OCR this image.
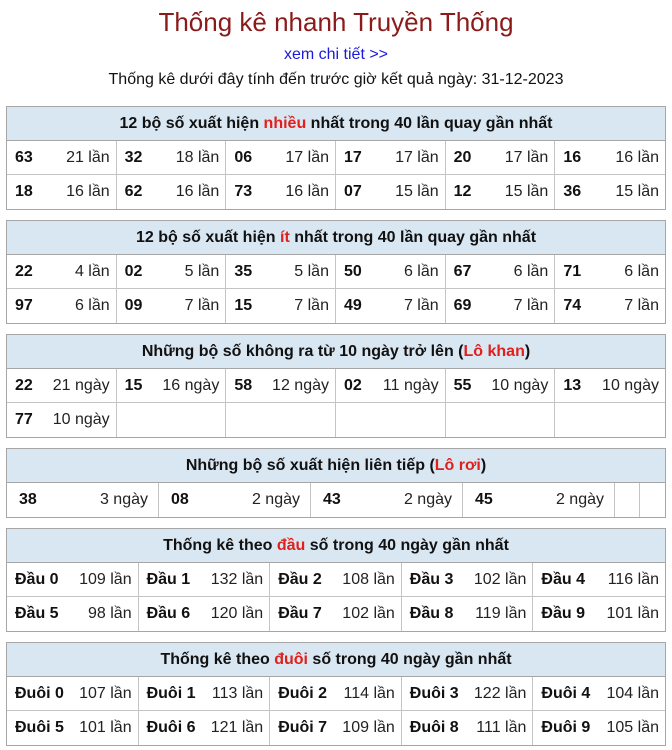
Thống kê nhanh Truyền Thống
xem chi tiết >>
Thống kê dưới đây tính đến trước giờ kết quả ngày: 31-12-2023
12 bộ số xuất hiện nhiều nhất trong 40 lần quay gần nhất
63 21 lần 32 18 lần 06 17 lần 17 17 lần 20 17 lần 16 16 lần
18 16 lần 62 16 lần 73 16 lần 07 15 lần 12 15 lần 36 15 lần
12 bộ số xuất hiện ít nhất trong 40 lần quay gần nhất
22	4 lần 02	5 lần 35	5 lần 50	6 lần 67	6 lần 71	6 lần
97	6 lần 09	7 lần 15	7 lần 49	7 lần 69	7 lần 74	7 lần
Những bộ số không ra từ 10 ngày trở lên (Lô khan)
22 21 ngày 15 16 ngày 58 12 ngày 02 11 ngày 55 10 ngày 13 10 ngày
77 10 ngày
Những bộ số xuất hiện liên tiếp (Lô rơi)
38	3 ngày 08	2 ngày 43	2 ngày 45	2 ngày
Thống kê theo đầu số trong 40 ngày gần nhất
Đầu 0 109 lần Đầu 1 132 lần Đầu 2 108 lần Đầu 3 102 lần Đầu 4 116 lần
Đầu 5 98 lần Đầu 6 120 lần Đầu 7 102 lần Đầu 8 119 lần Đầu 9 101 lần
Thống kê theo đuôi số trong 40 ngày gần nhất
Đuôi 0 107 lần Đuôi 1 113 lần Đuôi 2 114 lần Đuôi 3 122 lần Đuôi 4 104 lần
Đuôi 5 101 lần Đuôi 6 121 lần Đuôi 7 109 lần Đuôi 8 111 lần Đuôi 9 105 lần
